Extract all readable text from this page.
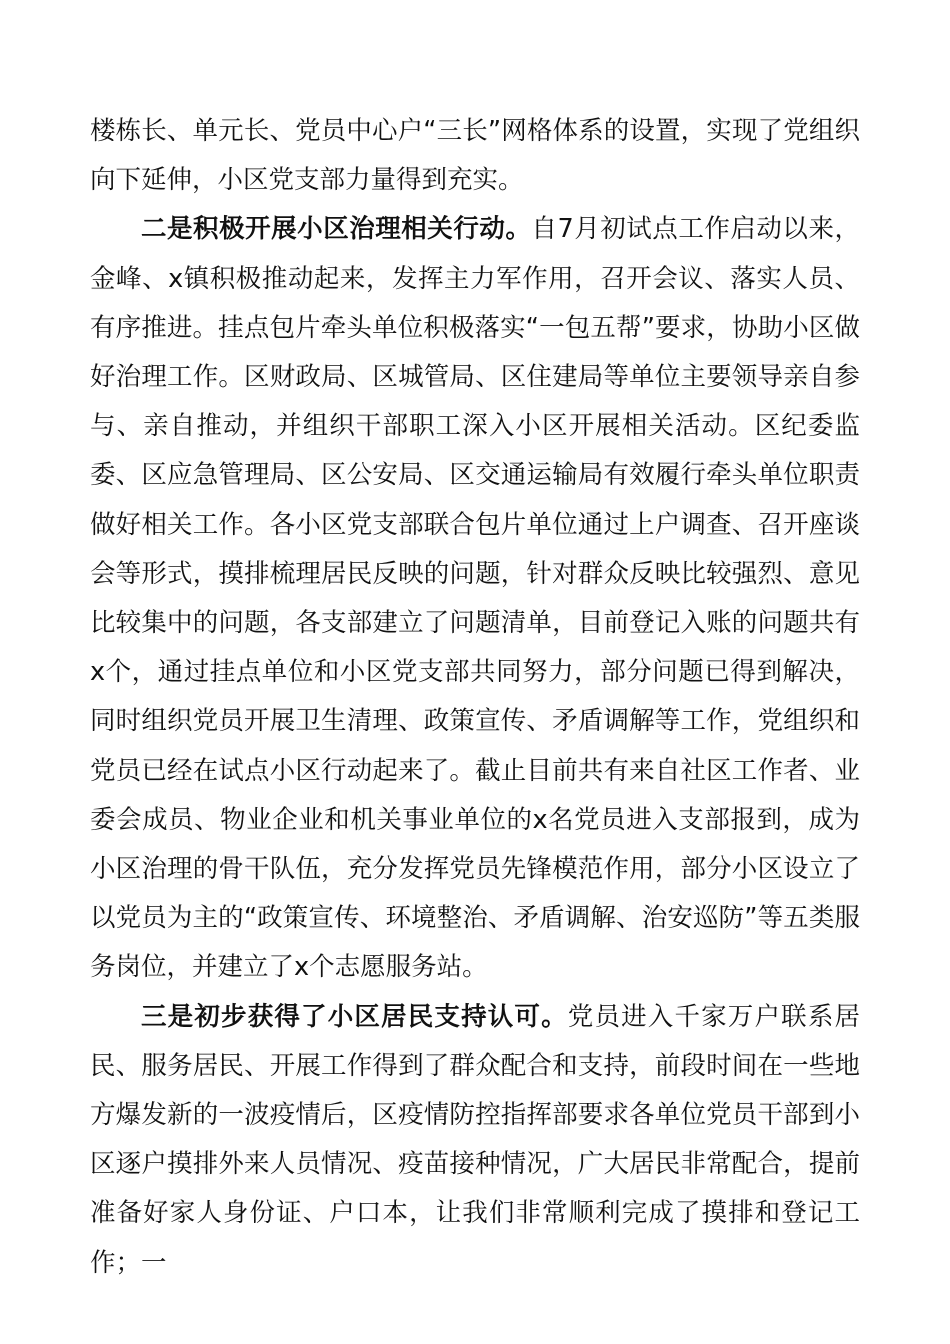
楼栋长、单元长、党员中心户“三长”网格体系的设置，实现了党组织向下延伸，小区党支部力量得到充实。

二是积极开展小区治理相关行动。自7月初试点工作启动以来，金峰、x镇积极推动起来，发挥主力军作用，召开会议、落实人员、有序推进。挂点包片牵头单位积极落实“一包五帮”要求，协助小区做好治理工作。区财政局、区城管局、区住建局等单位主要领导亲自参与、亲自推动，并组织干部职工深入小区开展相关活动。区纪委监委、区应急管理局、区公安局、区交通运输局有效履行牵头单位职责做好相关工作。各小区党支部联合包片单位通过上户调查、召开座谈会等形式，摸排梳理居民反映的问题，针对群众反映比较强烈、意见比较集中的问题，各支部建立了问题清单，目前登记入账的问题共有x个，通过挂点单位和小区党支部共同努力，部分问题已得到解决，同时组织党员开展卫生清理、政策宣传、矛盾调解等工作，党组织和党员已经在试点小区行动起来了。截止目前共有来自社区工作者、业委会成员、物业企业和机关事业单位的x名党员进入支部报到，成为小区治理的骨干队伍，充分发挥党员先锋模范作用，部分小区设立了以党员为主的“政策宣传、环境整治、矛盾调解、治安巡防”等五类服务岗位，并建立了x个志愿服务站。

三是初步获得了小区居民支持认可。党员进入千家万户联系居民、服务居民、开展工作得到了群众配合和支持，前段时间在一些地方爆发新的一波疫情后，区疫情防控指挥部要求各单位党员干部到小区逐户摸排外来人员情况、疫苗接种情况，广大居民非常配合，提前准备好家人身份证、户口本，让我们非常顺利完成了摸排和登记工作；一
